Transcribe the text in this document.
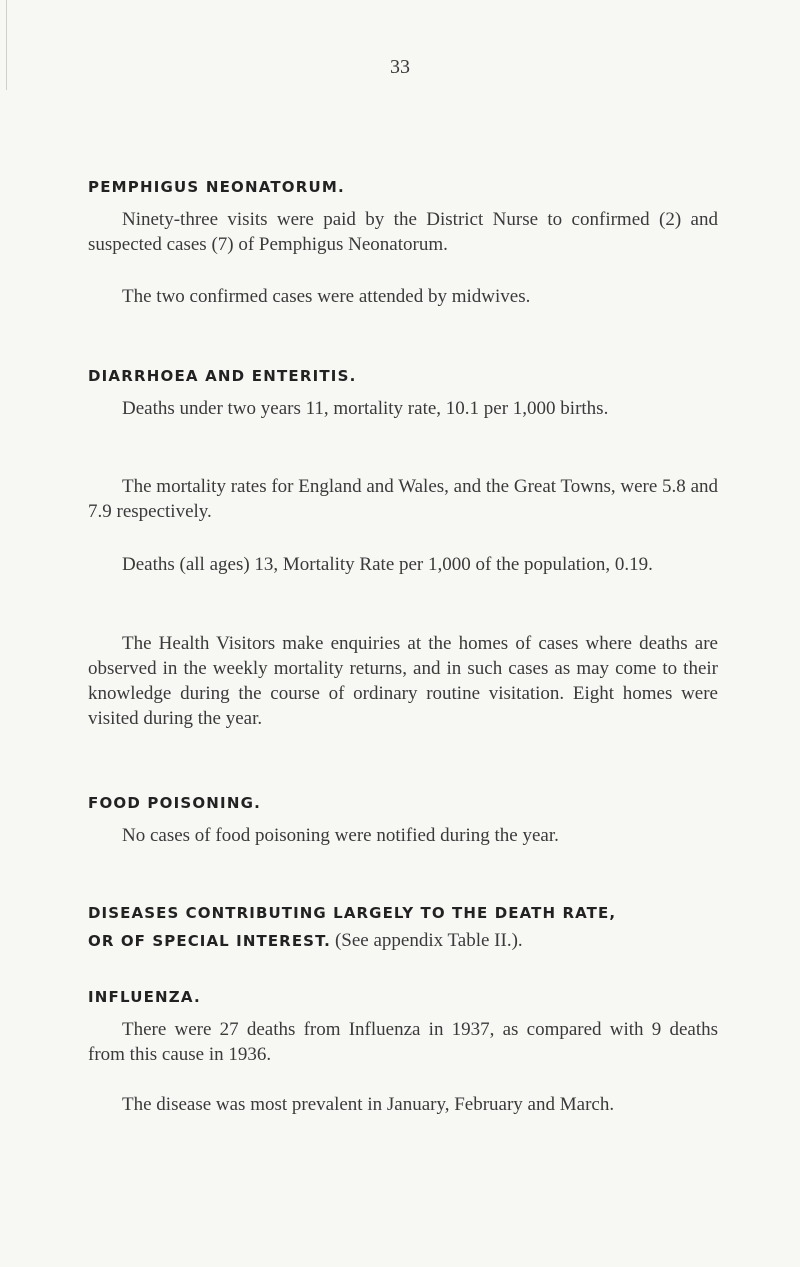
33
PEMPHIGUS NEONATORUM.
Ninety-three visits were paid by the District Nurse to confirmed (2) and suspected cases (7) of Pemphigus Neonatorum.
The two confirmed cases were attended by midwives.
DIARRHOEA AND ENTERITIS.
Deaths under two years 11, mortality rate, 10.1 per 1,000 births.
The mortality rates for England and Wales, and the Great Towns, were 5.8 and 7.9 respectively.
Deaths (all ages) 13, Mortality Rate per 1,000 of the population, 0.19.
The Health Visitors make enquiries at the homes of cases where deaths are observed in the weekly mortality returns, and in such cases as may come to their knowledge during the course of ordinary routine visitation. Eight homes were visited during the year.
FOOD POISONING.
No cases of food poisoning were notified during the year.
DISEASES CONTRIBUTING LARGELY TO THE DEATH RATE,
OR OF SPECIAL INTEREST. (See appendix Table II.).
INFLUENZA.
There were 27 deaths from Influenza in 1937, as compared with 9 deaths from this cause in 1936.
The disease was most prevalent in January, February and March.
